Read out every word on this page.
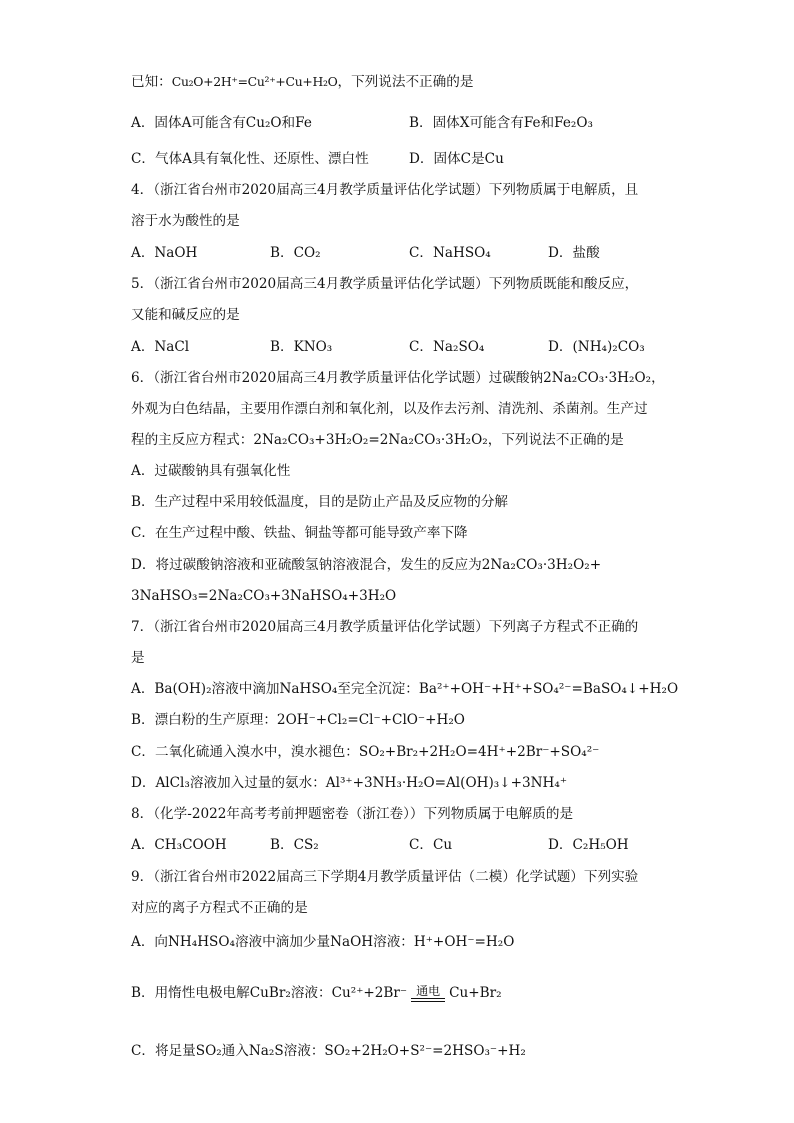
已知：Cu₂O+2H⁺=Cu²⁺+Cu+H₂O，下列说法不正确的是
A．固体A可能含有Cu₂O和Fe	B．固体X可能含有Fe和Fe₂O₃
C．气体A具有氧化性、还原性、漂白性	D．固体C是Cu
4．（浙江省台州市2020届高三4月教学质量评估化学试题）下列物质属于电解质，且
溶于水为酸性的是
A．NaOH	B．CO₂	C．NaHSO₄	D．盐酸
5．（浙江省台州市2020届高三4月教学质量评估化学试题）下列物质既能和酸反应，
又能和碱反应的是
A．NaCl	B．KNO₃	C．Na₂SO₄	D．(NH₄)₂CO₃
6．（浙江省台州市2020届高三4月教学质量评估化学试题）过碳酸钠2Na₂CO₃·3H₂O₂，
外观为白色结晶，主要用作漂白剂和氧化剂，以及作去污剂、清洗剂、杀菌剂。生产过
程的主反应方程式：2Na₂CO₃+3H₂O₂=2Na₂CO₃·3H₂O₂，下列说法不正确的是
A．过碳酸钠具有强氧化性
B．生产过程中采用较低温度，目的是防止产品及反应物的分解
C．在生产过程中酸、铁盐、铜盐等都可能导致产率下降
D．将过碳酸钠溶液和亚硫酸氢钠溶液混合，发生的反应为2Na₂CO₃·3H₂O₂+
3NaHSO₃=2Na₂CO₃+3NaHSO₄+3H₂O
7．（浙江省台州市2020届高三4月教学质量评估化学试题）下列离子方程式不正确的
是
A．Ba(OH)₂溶液中滴加NaHSO₄至完全沉淀：Ba²⁺+OH⁻+H⁺+SO₄²⁻=BaSO₄↓+H₂O
B．漂白粉的生产原理：2OH⁻+Cl₂=Cl⁻+ClO⁻+H₂O
C．二氧化硫通入溴水中，溴水褪色：SO₂+Br₂+2H₂O=4H⁺+2Br⁻+SO₄²⁻
D．AlCl₃溶液加入过量的氨水：Al³⁺+3NH₃·H₂O=Al(OH)₃↓+3NH₄⁺
8．（化学-2022年高考考前押题密卷（浙江卷））下列物质属于电解质的是
A．CH₃COOH	B．CS₂	C．Cu	D．C₂H₅OH
9．（浙江省台州市2022届高三下学期4月教学质量评估（二模）化学试题）下列实验
对应的离子方程式不正确的是
A．向NH₄HSO₄溶液中滴加少量NaOH溶液：H⁺+OH⁻=H₂O
B．用惰性电极电解CuBr₂溶液：Cu²⁺+2Br⁻ 通电 Cu+Br₂
C．将足量SO₂通入Na₂S溶液：SO₂+2H₂O+S²⁻=2HSO₃⁻+H₂
